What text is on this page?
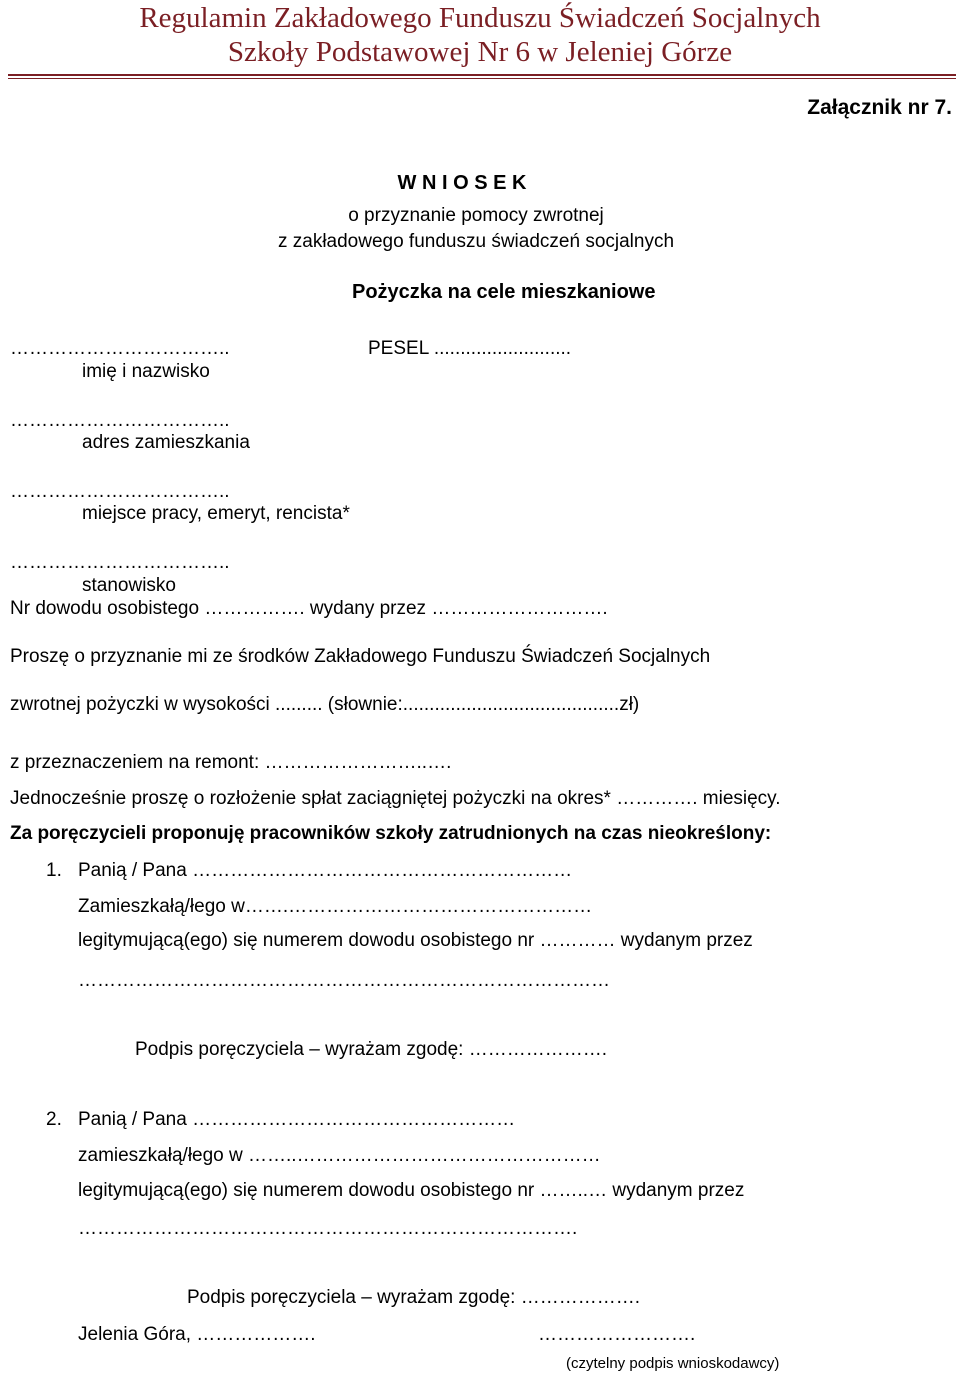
Regulamin Zakładowego Funduszu Świadczeń Socjalnych
Szkoły Podstawowej Nr 6 w Jeleniej Górze
Załącznik nr 7.
W N I O S E K
o przyznanie pomocy zwrotnej
z zakładowego funduszu świadczeń socjalnych
Pożyczka na cele mieszkaniowe
……………………………..	PESEL ..........................
imię i nazwisko
……………………………..
adres zamieszkania
……………………………..
miejsce pracy, emeryt, rencista*
……………………………..
stanowisko
Nr dowodu osobistego ……………. wydany przez ……………………….
Proszę o przyznanie mi ze środków Zakładowego Funduszu Świadczeń Socjalnych
zwrotnej pożyczki w wysokości ......... (słownie:.........................................zł)
z przeznaczeniem na remont: ……………………..….
Jednocześnie proszę o rozłożenie spłat zaciągniętej pożyczki na okres* …………. miesięcy.
Za poręczycieli proponuję pracowników szkoły zatrudnionych na czas nieokreślony:
1. Panią / Pana ……………………………………………………
Zamieszkałą/łego w…….…………………………………………
legitymującą(ego) się numerem dowodu osobistego nr ………… wydanym przez
…………………………………………………………………………
Podpis poręczyciela – wyrażam zgodę: ………………….
2. Panią / Pana ……………………………………………
zamieszkałą/łego w ……..…………………………………………
legitymującą(ego) się numerem dowodu osobistego nr ……..… wydanym przez
…………………………………………………………………….
Podpis poręczyciela – wyrażam zgodę: ……………….
Jelenia Góra, ……………….	…………………….
(czytelny podpis wnioskodawcy)
